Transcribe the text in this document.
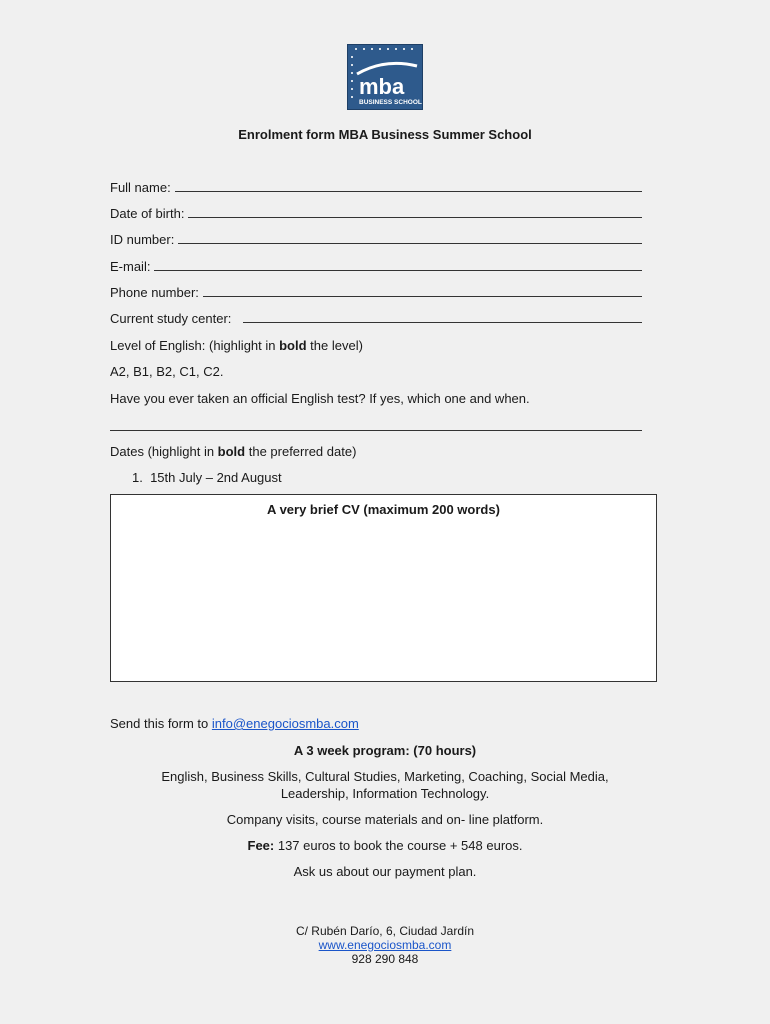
mba
BUSINESS SCHOOL
Enrolment form MBA Business Summer School
Full name:
Date of birth:
ID number:
E-mail:
Phone number:
Current study center:
Level of English: (highlight in bold the level)
A2, B1, B2, C1, C2.
Have you ever taken an official English test? If yes, which one and when.
Dates (highlight in bold the preferred date)
1. 15th July – 2nd August
A very brief CV (maximum 200 words)
Send this form to info@enegociosmba.com
A 3 week program: (70 hours)
English, Business Skills, Cultural Studies, Marketing, Coaching, Social Media,
Leadership, Information Technology.
Company visits, course materials and on- line platform.
Fee: 137 euros to book the course + 548 euros.
Ask us about our payment plan.
C/ Rubén Darío, 6, Ciudad Jardín
www.enegociosmba.com
928 290 848
